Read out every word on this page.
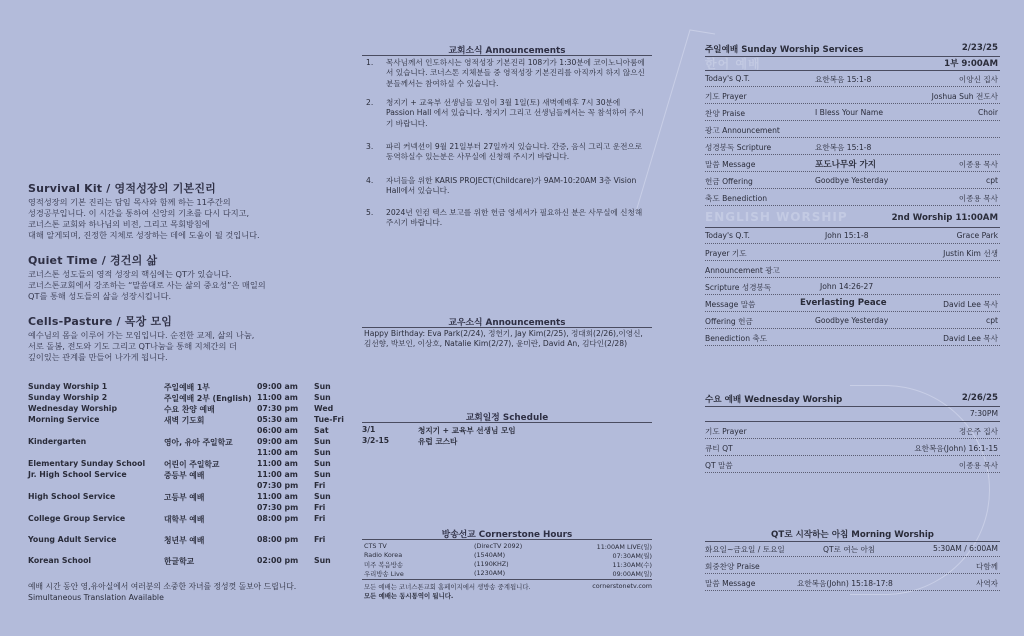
Survival Kit / 영적성장의 기본진리
영적성장의 기본 진리는 담임 목사와 함께 하는 11주간의
성경공부입니다. 이 시간을 통하여 신앙의 기초를 다시 다지고,
코너스톤 교회와 하나님의 비전, 그리고 목회방침에
대해 알게되며, 진정한 지체로 성장하는 데에 도움이 될 것입니다.
Quiet Time / 경건의 삶
코너스톤 성도들의 영적 성장의 핵심에는 QT가 있습니다.
코너스톤교회에서 강조하는 “말씀대로 사는 삶의 중요성”은 매일의
QT를 통해 성도들의 삶을 성장시킵니다.
Cells-Pasture / 목장 모임
예수님의 몸을 이루어 가는 모임입니다. 순전한 교제, 삶의 나눔,
서로 돌봄, 전도와 기도 그리고 QT나눔을 통해 지체간의 더
깊이있는 관계를 만들어 나가게 됩니다.
Sunday Worship 1	주일예배 1부	09:00 am Sun
Sunday Worship 2	주일예배 2부 (English) 11:00 am Sun
Wednesday Worship	수요 찬양 예배	07:30 pm Wed
Morning Service	새벽 기도회	05:30 am Tue-Fri
06:00 am Sat
Kindergarten	영아, 유아 주일학교	09:00 am Sun
11:00 am Sun
Elementary Sunday School 어린이 주일학교	11:00 am Sun
Jr. High School Service	중등부 예배	11:00 am Sun
07:30 pm Fri
High School Service	고등부 예배	11:00 am Sun
07:30 pm Fri
College Group Service	대학부 예배	08:00 pm Fri
Young Adult Service	청년부 예배	08:00 pm Fri
Korean School	한글학교	02:00 pm Sun
예배 시간 동안 영,유아실에서 여러분의 소중한 자녀를 정성껏 돌보아 드립니다.
Simultaneous Translation Available
교회소식 Announcements
1. 목사님께서 인도하시는 영적성장 기본진리 108기가 1:30분에 코이노니아룸에서 있습니다. 코너스톤 지체분들 중 영적성장 기본진리를 아직까지 하지 않으신 분들께서는 참여하실 수 있습니다.
2. 청지기 + 교육부 선생님들 모임이 3월 1일(토) 새벽예배후 7시 30분에 Passion Hall 에서 있습니다. 청지기 그리고 선생님들께서는 꼭 참석하여 주시기 바랍니다.
3. 파리 커넥션이 9월 21일부터 27일까지 있습니다. 간증, 음식 그리고 운전으로 동역하실수 있는분은 사무실에 신청해 주시기 바랍니다.
4. 자녀들을 위한 KARIS PROJECT(Childcare)가 9AM-10:20AM 3층 Vision Hall에서 있습니다.
5. 2024년 인컴 텍스 보고를 위한 헌금 영세서가 필요하신 분은 사무실에 신청해 주시기 바랍니다.
교우소식 Announcements
Happy Birthday: Eva Park(2/24), 정헌기, Jay Kim(2/25), 정대희(2/26),이영신, 김선향, 박보인, 이상호, Natalie Kim(2/27), 윤미란, David An, 김다인(2/28)
교회일정 Schedule
3/1	청지기 + 교육부 선생님 모임
3/2-15	유럽 코스타
방송선교 Cornerstone Hours
CTS TV	(DirecTV 2092)	11:00AM LIVE(일)
Radio Korea	(1540AM)	07:30AM(월)
미주 복음방송	(1190KHZ)	11:30AM(수)
우리방송 Live	(1230AM)	09:00AM(일)
모든 예배는 코너스톤교회 홈페이지에서 생방송 중계됩니다.	cornerstonetv.com
모든 예배는 동시통역이 됩니다.
주일예배 Sunday Worship Services	2/23/25
한어 예배	1부 9:00AM
Today's Q.T.	요한복음 15:1-8	이양신 집사
기도 Prayer	Joshua Suh 전도사
찬양 Praise	I Bless Your Name	Choir
광고 Announcement
성경봉독 Scripture	요한복음 15:1-8
말씀 Message	포도나무와 가지	이종용 목사
헌금 Offering	Goodbye Yesterday	cpt
축도 Benediction	이종용 목사
ENGLISH WORSHIP	2nd Worship 11:00AM
Today's Q.T.	John 15:1-8	Grace Park
Prayer 기도	Justin Kim 선생
Announcement 광고
Scripture 성경봉독	John 14:26-27
Message 말씀	Everlasting Peace	David Lee 목사
Offering 헌금	Goodbye Yesterday	cpt
Benediction 축도	David Lee 목사
수요 예배 Wednesday Worship	2/26/25
7:30PM
기도 Prayer	정은주 집사
큐티 QT	요한복음(John) 16:1-15
QT 말씀	이종용 목사
QT로 시작하는 아침 Morning Worship
화요일~금요일 / 토요일	QT로 여는 아침	5:30AM / 6:00AM
회중찬양 Praise	다함께
말씀 Message	요한복음(John) 15:18-17:8	사역자
